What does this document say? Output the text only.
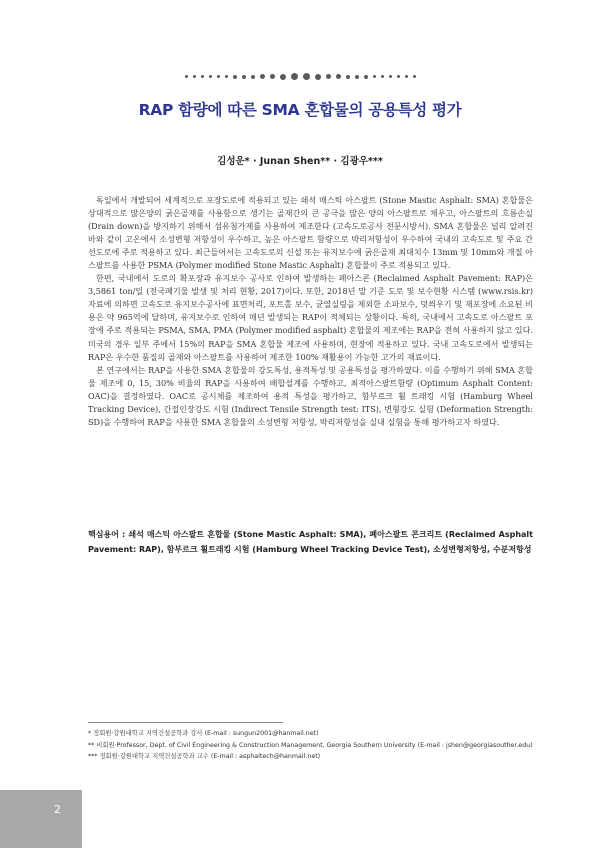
RAP 함량에 따른 SMA 혼합물의 공용특성 평가
김성운* · Junan Shen** · 김광우***

독일에서 개발되어 세계적으로 포장도로에 적용되고 있는 쇄석 매스틱 아스팔트 (Stone Mastic Asphalt: SMA) 혼합물은 상대적으로 많은양의 굵은골재를 사용함으로 생기는 골재간의 큰 공극을 많은 양의 아스팔트로 채우고, 아스팔트의 흐름손실 (Drain down)을 방지하기 위해서 섬유첨가제를 사용하여 제조한다 (고속도로공사 전문시방서). SMA 혼합물은 널리 알려진바와 같이 고온에서 소성변형 저항성이 우수하고, 높은 아스팔트 함량으로 박리저항성이 우수하여 국내의 고속도로 및 주요 간선도로에 주로 적용하고 있다. 최근들어서는 고속도로의 신설 또는 유지보수에 굵은골재 최대치수 13mm 및 10mm와 개질 아스팔트를 사용한 PSMA (Polymer modified Stone Mastic Asphalt) 혼합물이 주로 적용되고 있다.

한편, 국내에서 도로의 확포장과 유지보수 공사로 인하여 발생하는 폐아스콘 (Reclaimed Asphalt Pavement: RAP)은 3,5861 ton/일 (전국폐기물 발생 및 처리 현황, 2017)이다. 또한, 2018년 말 기준 도로 및 보수현황 시스템 (www.rsis.kr) 자료에 의하면 고속도로 유지보수공사에 표면처리, 포트홀 보수, 균열실링을 제외한 소파보수, 덧씌우기 및 재포장에 소요된 비용은 약 965억에 달하며, 유지보수로 인하여 매년 발생되는 RAP이 적체되는 상황이다. 특히, 국내에서 고속도로 아스팔트 포장에 주로 적용되는 PSMA, SMA, PMA (Polymer modified asphalt) 혼합물의 제조에는 RAP을 전혀 사용하지 않고 있다. 미국의 경우 일부 주에서 15%의 RAP을 SMA 혼합물 제조에 사용하며, 현장에 적용하고 있다. 국내 고속도로에서 발생되는 RAP은 우수한 품질의 골재와 아스팔트를 사용하여 제조한 100% 재활용이 가능한 고가의 재료이다.

본 연구에서는 RAP을 사용한 SMA 혼합물의 강도특성, 용적특성 및 공용특성을 평가하였다. 이를 수행하기 위해 SMA 혼합물 제조에 0, 15, 30% 비율의 RAP을 사용하여 배합설계를 수행하고, 최적아스팔트함량 (Optimum Asphalt Content: OAC)을 결정하였다. OAC로 공시체를 제조하여 용적 특성을 평가하고, 함부르크 휠 트래킹 시험 (Hamburg Wheel Tracking Device), 간접인장강도 시험 (Indirect Tensile Strength test: ITS), 변형강도 실험 (Deformation Strength: SD)을 수행하여 RAP을 사용한 SMA 혼합물의 소성변형 저항성, 박리저항성을 실내 실험을 통해 평가하고자 하였다.

핵심용어 : 쇄석 매스틱 아스팔트 혼합물 (Stone Mastic Asphalt: SMA), 폐아스팔트 콘크리트 (Reclaimed Asphalt Pavement: RAP), 함부르크 휠트래킹 시험 (Hamburg Wheel Tracking Device Test), 소성변형저항성, 수분저항성
* 정회원·강원대학교 지역건설공학과 강사 (E-mail : sungun2001@hanmail.net)
** 비회원·Professor, Dept. of Civil Engineering & Construction Management, Georgia Southern University (E-mail : jshen@georgiasouther.edu)
*** 정회원·강원대학교 지역건설공학과 교수 (E-mail : asphaltech@hanmail.net)
2
